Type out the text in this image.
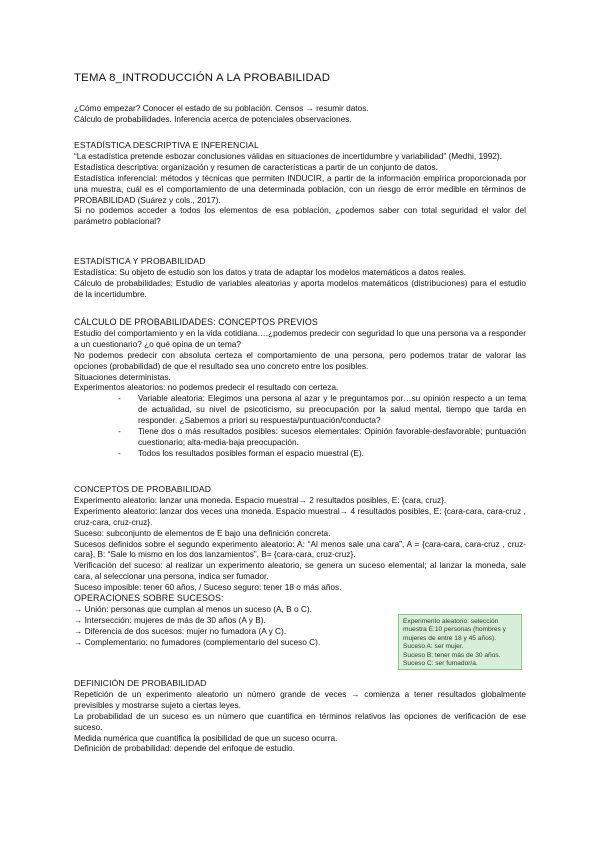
TEMA 8_INTRODUCCIÓN A LA PROBABILIDAD

¿Cómo empezar? Conocer el estado de su población. Censos → resumir datos.

Cálculo de probabilidades. Inferencia acerca de potenciales observaciones.

ESTADÍSTICA DESCRIPTIVA E INFERENCIAL

“La estadística pretende esbozar conclusiones válidas en situaciones de incertidumbre y variabilidad” (Medhi, 1992).

Estadística descriptiva: organización y resumen de características a partir de un conjunto de datos.

Estadística inferencial: métodos y técnicas que permiten INDUCIR, a partir de la información empírica proporcionada por una muestra, cuál es el comportamiento de una determinada población, con un riesgo de error medible en términos de PROBABILIDAD (Suárez y cols., 2017).

Si no podemos acceder a todos los elementos de esa población, ¿podemos saber con total seguridad el valor del parámetro poblacional?

ESTADÍSTICA Y PROBABILIDAD

Estadística: Su objeto de estudio son los datos y trata de adaptar los modelos matemáticos a datos reales.

Cálculo de probabilidades: Estudio de variables aleatorias y aporta modelos matemáticos (distribuciones) para el estudio de la incertidumbre.

CÁLCULO DE PROBABILIDADES: CONCEPTOS PREVIOS

Estudio del comportamiento y en la vida cotidiana….¿podemos predecir con seguridad lo que una persona va a responder a un cuestionario? ¿o qué opina de un tema?

No podemos predecir con absoluta certeza el comportamiento de una persona, pero podemos tratar de valorar las opciones (probabilidad) de que el resultado sea uno concreto entre los posibles.

Situaciones deterministas.

Experimentos aleatorios: no podemos predecir el resultado con certeza.

- Variable aleatoria: Elegimos una persona al azar y le preguntamos por…su opinión respecto a un tema de actualidad, su nivel de psicoticismo, su preocupación por la salud mental, tiempo que tarda en responder. ¿Sabemos a priori su respuesta/puntuación/conducta?
- Tiene dos o más resultados posibles: sucesos elementales: Opinión favorable-desfavorable; puntuación cuestionario; alta-media-baja preocupación.
- Todos los resultados posibles forman el espacio muestral (E).

CONCEPTOS DE PROBABILIDAD

Experimento aleatorio: lanzar una moneda. Espacio muestral→ 2 resultados posibles, E: {cara, cruz}.

Experimento aleatorio: lanzar dos veces una moneda. Espacio muestral→ 4 resultados posibles, E: {cara-cara, cara-cruz , cruz-cara, cruz-cruz}.

Suceso: subconjunto de elementos de E bajo una definición concreta.

Sucesos definidos sobre el segundo experimento aleatorio: A: “Al menos sale una cara”, A = {cara-cara, cara-cruz , cruz-cara}, B: “Sale lo mismo en los dos lanzamientos”, B= {cara-cara, cruz-cruz}.

Verificación del suceso: al realizar un experimento aleatorio, se genera un suceso elemental; al lanzar la moneda, sale cara, al seleccionar una persona, indica ser fumador.

Suceso imposible: tener 60 años, / Suceso seguro: tener 18 o más años.

OPERACIONES SOBRE SUCESOS:

→ Unión: personas que cumplan al menos un suceso (A, B o C).

→ Intersección: mujeres de más de 30 años (A y B).

→ Diferencia de dos sucesos: mujer no fumadora (A y C).

→ Complementario: no fumadores (complementario del suceso C).

Experimento aleatorio: selección muestra E:10 personas (hombres y mujeres de entre 18 y 45 años).

Suceso A: ser mujer.

Suceso B: tener más de 30 años.

Suceso C: ser fumador/a.

DEFINICIÓN DE PROBABILIDAD

Repetición de un experimento aleatorio un número grande de veces → comienza a tener resultados globalmente previsibles y mostrarse sujeto a ciertas leyes.

La probabilidad de un suceso es un número que cuantifica en términos relativos las opciones de verificación de ese suceso.

Medida numérica que cuantifica la posibilidad de que un suceso ocurra.

Definición de probabilidad: depende del enfoque de estudio.
